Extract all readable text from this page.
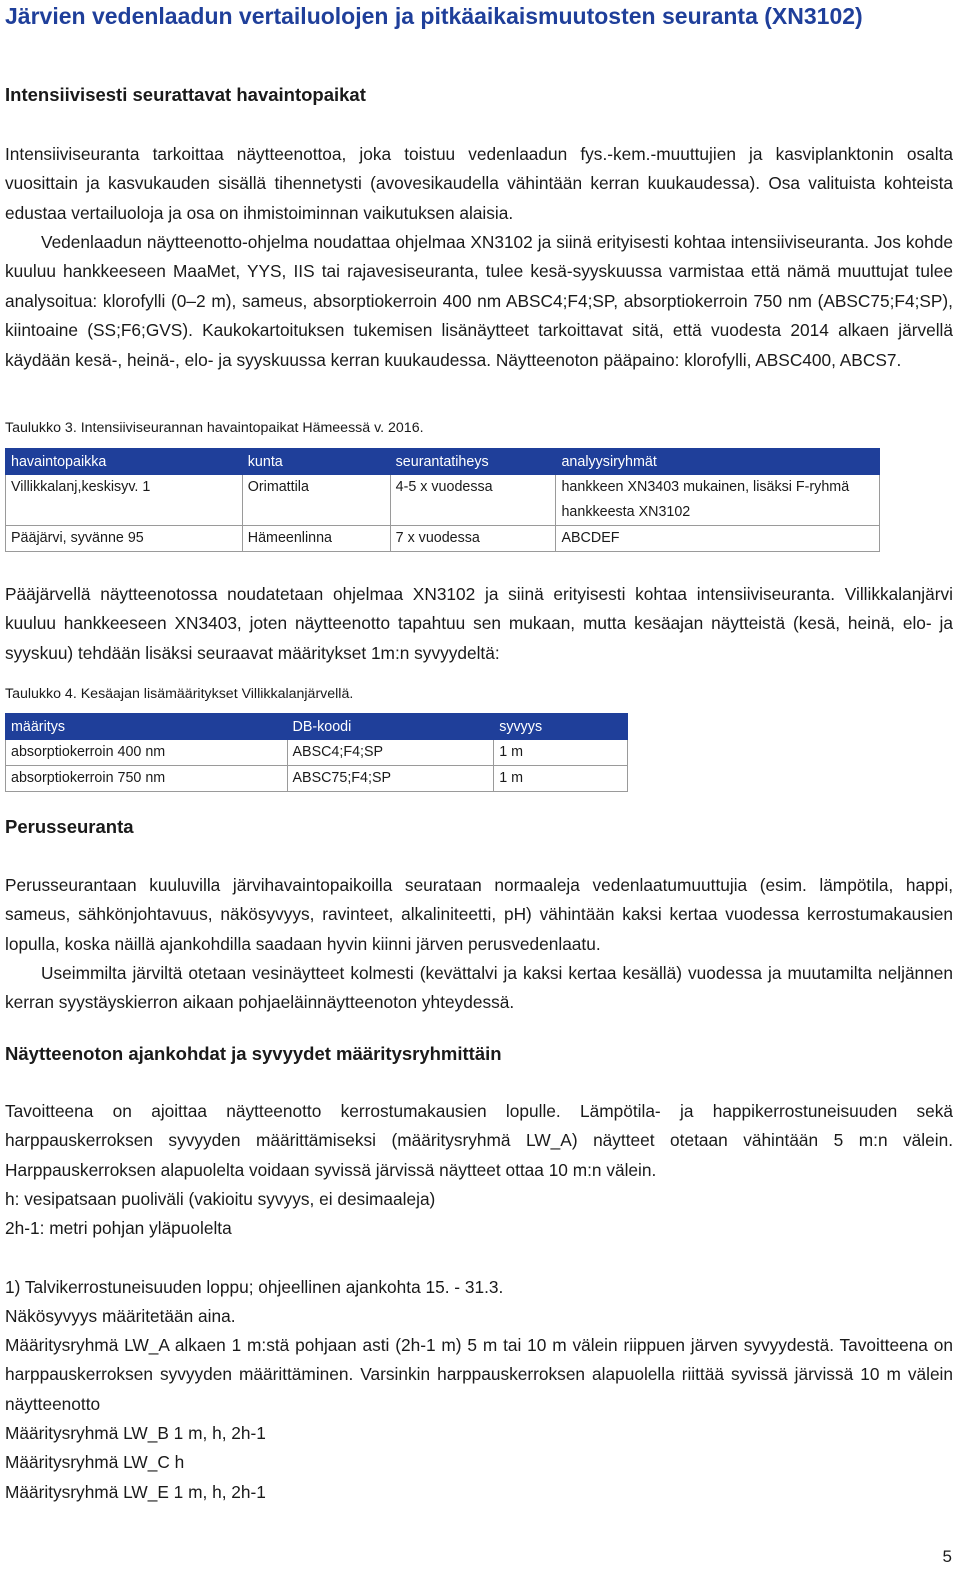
Järvien vedenlaadun vertailuolojen ja pitkäaikaismuutosten seuranta (XN3102)
Intensiivisesti seurattavat havaintopaikat
Intensiiviseuranta tarkoittaa näytteenottoa, joka toistuu vedenlaadun fys.-kem.-muuttujien ja kasviplanktonin osalta vuosittain ja kasvukauden sisällä tihennetysti (avovesikaudella vähintään kerran kuukaudessa). Osa valituista kohteista edustaa vertailuoloja ja osa on ihmistoiminnan vaikutuksen alaisia.
Vedenlaadun näytteenotto-ohjelma noudattaa ohjelmaa XN3102 ja siinä erityisesti kohtaa intensiiviseuranta. Jos kohde kuuluu hankkeeseen MaaMet, YYS, IIS tai rajavesiseuranta, tulee kesä-syyskuussa varmistaa että nämä muuttujat tulee analysoitua: klorofylli (0–2 m), sameus, absorptiokerroin 400 nm ABSC4;F4;SP, absorptiokerroin 750 nm (ABSC75;F4;SP), kiintoaine (SS;F6;GVS). Kaukokartoituksen tukemisen lisänäytteet tarkoittavat sitä, että vuodesta 2014 alkaen järvellä käydään kesä-, heinä-, elo- ja syyskuussa kerran kuukaudessa. Näytteenoton pääpaino: klorofylli, ABSC400, ABCS7.
Taulukko 3. Intensiiviseurannan havaintopaikat Hämeessä v. 2016.
havaintopaikka	kunta	seurantatiheys	analyysiryhmät
Villikkalanj,keskisyv. 1	Orimattila	4-5 x vuodessa	hankkeen XN3403 mukainen, lisäksi F-ryhmä hankkeesta XN3102
Pääjärvi, syvänne 95	Hämeenlinna	7 x vuodessa	ABCDEF
Pääjärvellä näytteenotossa noudatetaan ohjelmaa XN3102 ja siinä erityisesti kohtaa intensiiviseuranta. Villikkalanjärvi kuuluu hankkeeseen XN3403, joten näytteenotto tapahtuu sen mukaan, mutta kesäajan näytteistä (kesä, heinä, elo- ja syyskuu) tehdään lisäksi seuraavat määritykset 1m:n syvyydeltä:
Taulukko 4. Kesäajan lisämääritykset Villikkalanjärvellä.
määritys	DB-koodi	syvyys
absorptiokerroin 400 nm	ABSC4;F4;SP	1 m
absorptiokerroin 750 nm	ABSC75;F4;SP	1 m
Perusseuranta
Perusseurantaan kuuluvilla järvihavaintopaikoilla seurataan normaaleja vedenlaatumuuttujia (esim. lämpötila, happi, sameus, sähkönjohtavuus, näkösyvyys, ravinteet, alkaliniteetti, pH) vähintään kaksi kertaa vuodessa kerrostumakausien lopulla, koska näillä ajankohdilla saadaan hyvin kiinni järven perusvedenlaatu.
Useimmilta järviltä otetaan vesinäytteet kolmesti (kevättalvi ja kaksi kertaa kesällä) vuodessa ja muutamilta neljännen kerran syystäyskierron aikaan pohjaeläinnäytteenoton yhteydessä.
Näytteenoton ajankohdat ja syvyydet määritysryhmittäin
Tavoitteena on ajoittaa näytteenotto kerrostumakausien lopulle. Lämpötila- ja happikerrostuneisuuden sekä harppauskerroksen syvyyden määrittämiseksi (määritysryhmä LW_A) näytteet otetaan vähintään 5 m:n välein. Harppauskerroksen alapuolelta voidaan syvissä järvissä näytteet ottaa 10 m:n välein.
h: vesipatsaan puoliväli (vakioitu syvyys, ei desimaaleja)
2h-1: metri pohjan yläpuolelta
1) Talvikerrostuneisuuden loppu; ohjeellinen ajankohta 15. - 31.3.
Näkösyvyys määritetään aina.
Määritysryhmä LW_A alkaen 1 m:stä pohjaan asti (2h-1 m) 5 m tai 10 m välein riippuen järven syvyydestä. Tavoitteena on harppauskerroksen syvyyden määrittäminen. Varsinkin harppauskerroksen alapuolella riittää syvissä järvissä 10 m välein näytteenotto
Määritysryhmä LW_B 1 m, h, 2h-1
Määritysryhmä LW_C h
Määritysryhmä LW_E 1 m, h, 2h-1
5
